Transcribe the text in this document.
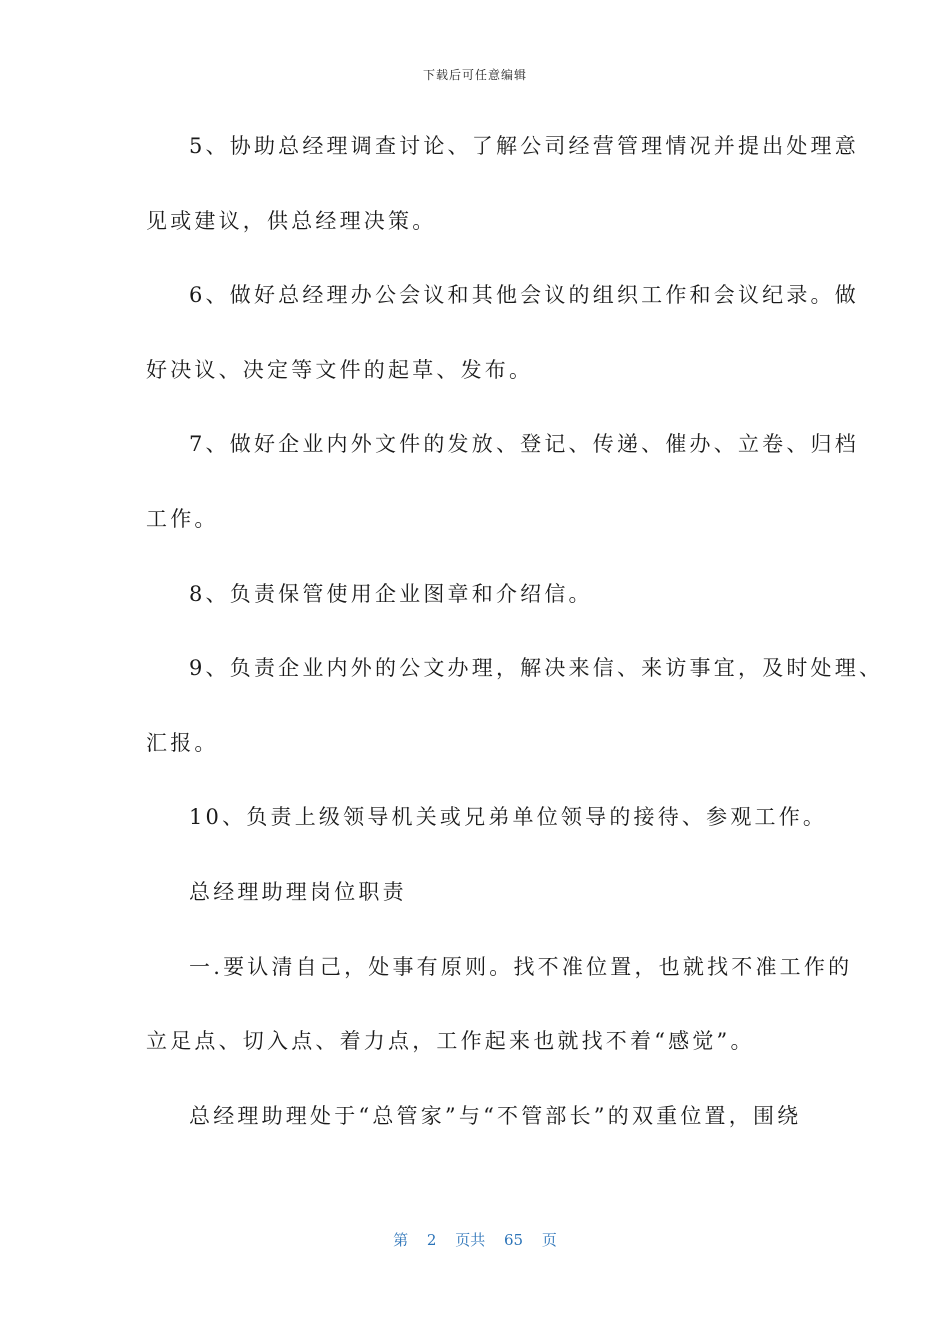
下载后可任意编辑
5、协助总经理调查讨论、了解公司经营管理情况并提出处理意
见或建议，供总经理决策。
6、做好总经理办公会议和其他会议的组织工作和会议纪录。做
好决议、决定等文件的起草、发布。
7、做好企业内外文件的发放、登记、传递、催办、立卷、归档
工作。
8、负责保管使用企业图章和介绍信。
9、负责企业内外的公文办理，解决来信、来访事宜，及时处理、
汇报。
10、负责上级领导机关或兄弟单位领导的接待、参观工作。
总经理助理岗位职责
一.要认清自己，处事有原则。找不准位置，也就找不准工作的
立足点、切入点、着力点，工作起来也就找不着“感觉”。
总经理助理处于“总管家”与“不管部长”的双重位置，围绕
第 2 页共 65 页
